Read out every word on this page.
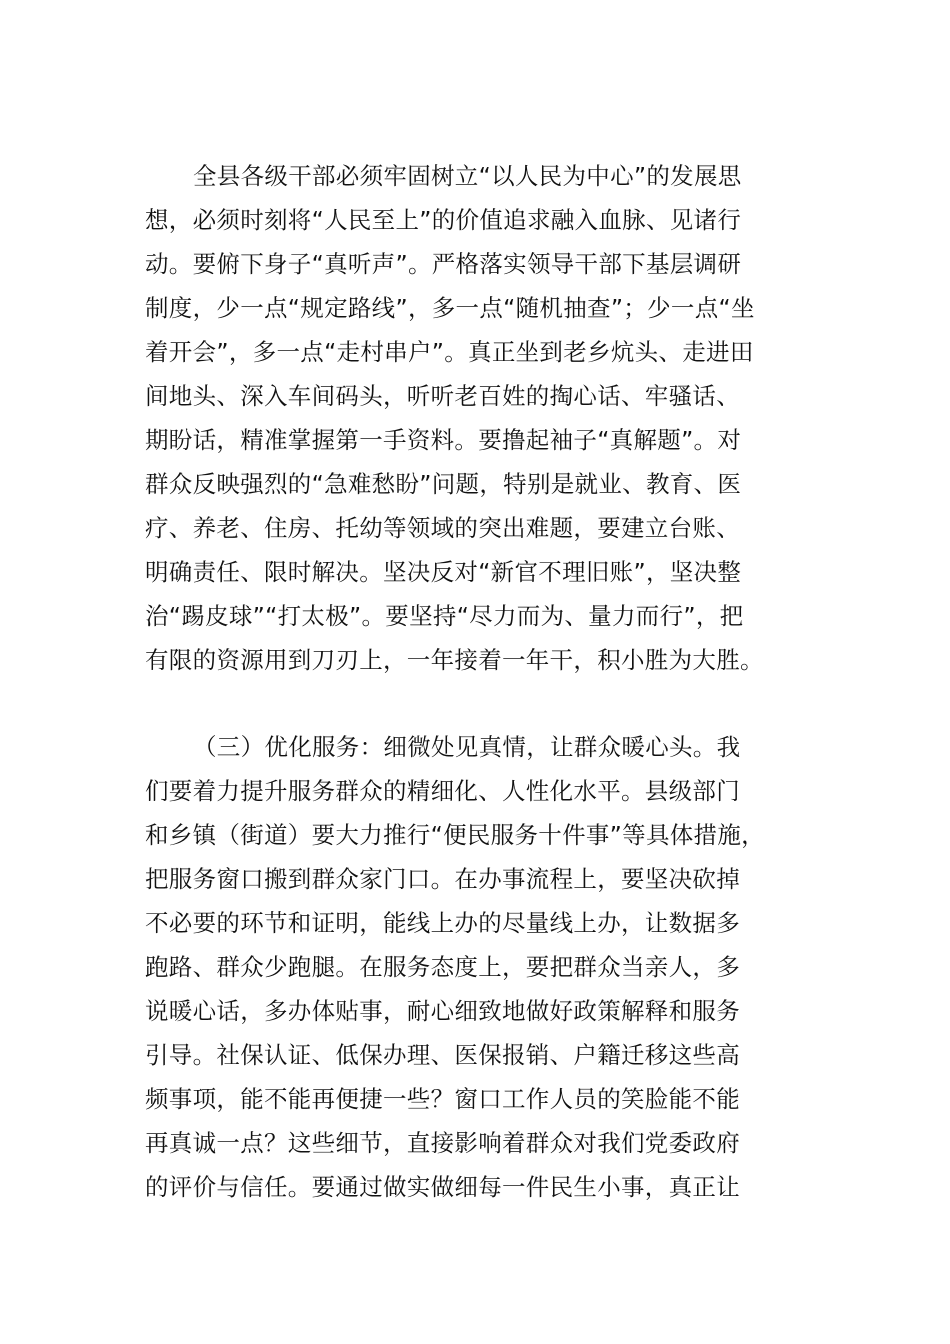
全县各级干部必须牢固树立“以人民为中心”的发展思
想，必须时刻将“人民至上”的价值追求融入血脉、见诸行
动。要俯下身子“真听声”。严格落实领导干部下基层调研
制度，少一点“规定路线”，多一点“随机抽查”；少一点“坐
着开会”，多一点“走村串户”。真正坐到老乡炕头、走进田
间地头、深入车间码头，听听老百姓的掏心话、牢骚话、
期盼话，精准掌握第一手资料。要撸起袖子“真解题”。对
群众反映强烈的“急难愁盼”问题，特别是就业、教育、医
疗、养老、住房、托幼等领域的突出难题，要建立台账、
明确责任、限时解决。坚决反对“新官不理旧账”，坚决整
治“踢皮球”“打太极”。要坚持“尽力而为、量力而行”，把
有限的资源用到刀刃上，一年接着一年干，积小胜为大胜。
（三）优化服务：细微处见真情，让群众暖心头。我
们要着力提升服务群众的精细化、人性化水平。县级部门
和乡镇（街道）要大力推行“便民服务十件事”等具体措施，
把服务窗口搬到群众家门口。在办事流程上，要坚决砍掉
不必要的环节和证明，能线上办的尽量线上办，让数据多
跑路、群众少跑腿。在服务态度上，要把群众当亲人，多
说暖心话，多办体贴事，耐心细致地做好政策解释和服务
引导。社保认证、低保办理、医保报销、户籍迁移这些高
频事项，能不能再便捷一些？窗口工作人员的笑脸能不能
再真诚一点？这些细节，直接影响着群众对我们党委政府
的评价与信任。要通过做实做细每一件民生小事，真正让
